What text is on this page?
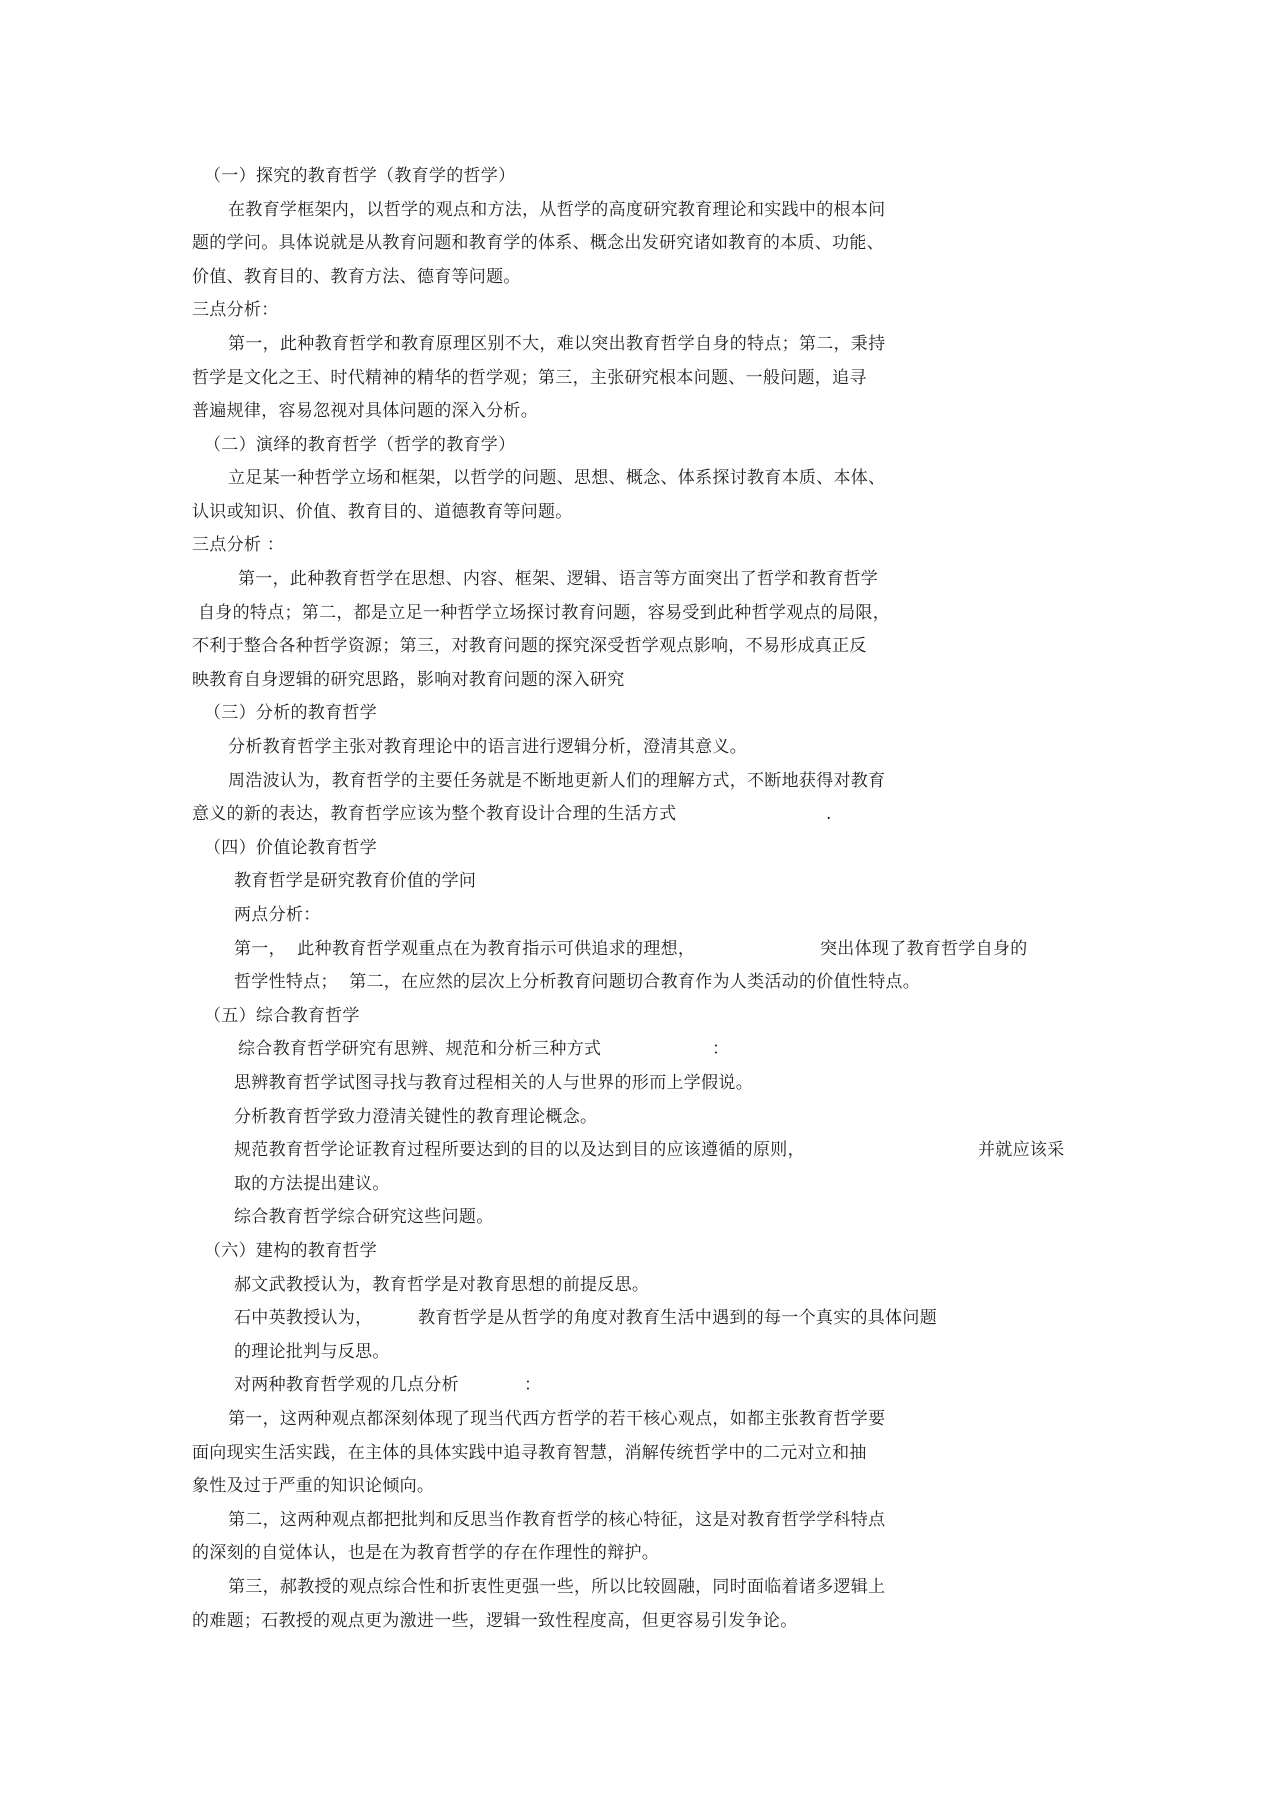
（一）探究的教育哲学（教育学的哲学）
在教育学框架内，以哲学的观点和方法，从哲学的高度研究教育理论和实践中的根本问
题的学问。具体说就是从教育问题和教育学的体系、概念出发研究诸如教育的本质、功能、
价值、教育目的、教育方法、德育等问题。
三点分析：
第一，此种教育哲学和教育原理区别不大，难以突出教育哲学自身的特点；第二，秉持
哲学是文化之王、时代精神的精华的哲学观；第三，主张研究根本问题、一般问题，追寻
普遍规律，容易忽视对具体问题的深入分析。
（二）演绎的教育哲学（哲学的教育学）
立足某一种哲学立场和框架，以哲学的问题、思想、概念、体系探讨教育本质、本体、
认识或知识、价值、教育目的、道德教育等问题。
三点分析 ：
第一，此种教育哲学在思想、内容、框架、逻辑、语言等方面突出了哲学和教育哲学
自身的特点；第二，都是立足一种哲学立场探讨教育问题，容易受到此种哲学观点的局限，
不利于整合各种哲学资源；第三，对教育问题的探究深受哲学观点影响，不易形成真正反
映教育自身逻辑的研究思路，影响对教育问题的深入研究
（三）分析的教育哲学
分析教育哲学主张对教育理论中的语言进行逻辑分析，澄清其意义。
周浩波认为，教育哲学的主要任务就是不断地更新人们的理解方式，不断地获得对教育
意义的新的表达，教育哲学应该为整个教育设计合理的生活方式	.
（四）价值论教育哲学
教育哲学是研究教育价值的学问
两点分析：
第一，  此种教育哲学观重点在为教育指示可供追求的理想，	突出体现了教育哲学自身的
哲学性特点；  第二，在应然的层次上分析教育问题切合教育作为人类活动的价值性特点。
（五）综合教育哲学
综合教育哲学研究有思辨、规范和分析三种方式	：
思辨教育哲学试图寻找与教育过程相关的人与世界的形而上学假说。
分析教育哲学致力澄清关键性的教育理论概念。
规范教育哲学论证教育过程所要达到的目的以及达到目的应该遵循的原则，	并就应该采
取的方法提出建议。
综合教育哲学综合研究这些问题。
（六）建构的教育哲学
郝文武教授认为，教育哲学是对教育思想的前提反思。
石中英教授认为，	教育哲学是从哲学的角度对教育生活中遇到的每一个真实的具体问题
的理论批判与反思。
对两种教育哲学观的几点分析	：
第一，这两种观点都深刻体现了现当代西方哲学的若干核心观点，如都主张教育哲学要
面向现实生活实践，在主体的具体实践中追寻教育智慧，消解传统哲学中的二元对立和抽
象性及过于严重的知识论倾向。
第二，这两种观点都把批判和反思当作教育哲学的核心特征，这是对教育哲学学科特点
的深刻的自觉体认，也是在为教育哲学的存在作理性的辩护。
第三，郝教授的观点综合性和折衷性更强一些，所以比较圆融，同时面临着诸多逻辑上
的难题；石教授的观点更为激进一些，逻辑一致性程度高，但更容易引发争论。
